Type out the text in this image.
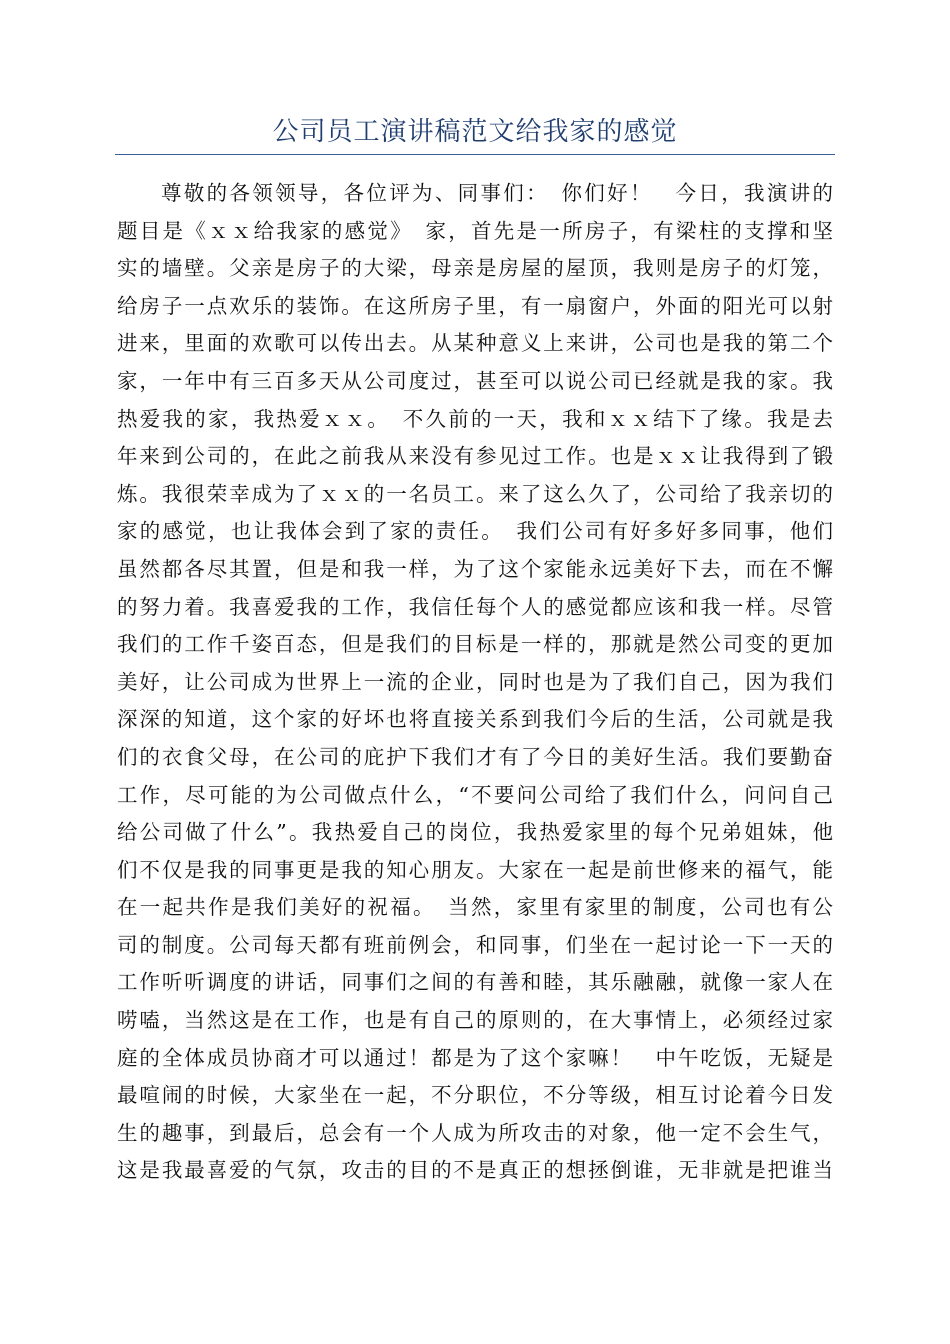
公司员工演讲稿范文给我家的感觉
尊敬的各领领导，各位评为、同事们：　你们好！　今日，我演讲的
题目是《ｘｘ给我家的感觉》　家，首先是一所房子，有梁柱的支撑和坚
实的墙壁。父亲是房子的大梁，母亲是房屋的屋顶，我则是房子的灯笼，
给房子一点欢乐的装饰。在这所房子里，有一扇窗户，外面的阳光可以射
进来，里面的欢歌可以传出去。从某种意义上来讲，公司也是我的第二个
家，一年中有三百多天从公司度过，甚至可以说公司已经就是我的家。我
热爱我的家，我热爱ｘｘ。　不久前的一天，我和ｘｘ结下了缘。我是去
年来到公司的，在此之前我从来没有参见过工作。也是ｘｘ让我得到了锻
炼。我很荣幸成为了ｘｘ的一名员工。来了这么久了，公司给了我亲切的
家的感觉，也让我体会到了家的责任。　我们公司有好多好多同事，他们
虽然都各尽其置，但是和我一样，为了这个家能永远美好下去，而在不懈
的努力着。我喜爱我的工作，我信任每个人的感觉都应该和我一样。尽管
我们的工作千姿百态，但是我们的目标是一样的，那就是然公司变的更加
美好，让公司成为世界上一流的企业，同时也是为了我们自己，因为我们
深深的知道，这个家的好坏也将直接关系到我们今后的生活，公司就是我
们的衣食父母，在公司的庇护下我们才有了今日的美好生活。我们要勤奋
工作，尽可能的为公司做点什么，“不要问公司给了我们什么，问问自己
给公司做了什么”。我热爱自己的岗位，我热爱家里的每个兄弟姐妹，他
们不仅是我的同事更是我的知心朋友。大家在一起是前世修来的福气，能
在一起共作是我们美好的祝福。　当然，家里有家里的制度，公司也有公
司的制度。公司每天都有班前例会，和同事，们坐在一起讨论一下一天的
工作听听调度的讲话，同事们之间的有善和睦，其乐融融，就像一家人在
唠嗑，当然这是在工作，也是有自己的原则的，在大事情上，必须经过家
庭的全体成员协商才可以通过！都是为了这个家嘛！　中午吃饭，无疑是
最喧闹的时候，大家坐在一起，不分职位，不分等级，相互讨论着今日发
生的趣事，到最后，总会有一个人成为所攻击的对象，他一定不会生气，
这是我最喜爱的气氛，攻击的目的不是真正的想拯倒谁，无非就是把谁当
